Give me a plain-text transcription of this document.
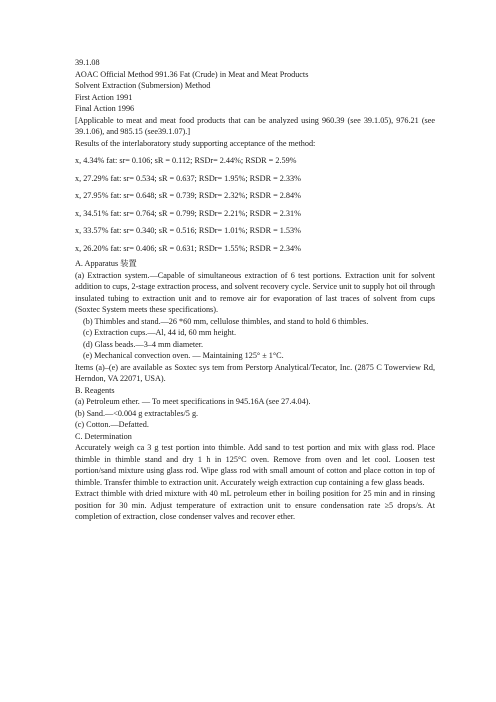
39.1.08
AOAC Official Method 991.36 Fat (Crude) in Meat and Meat Products
Solvent Extraction (Submersion) Method
First Action 1991
Final Action 1996
[Applicable to meat and meat food products that can be analyzed using 960.39 (see 39.1.05), 976.21 (see 39.1.06), and 985.15 (see39.1.07).]
Results of the interlaboratory study supporting acceptance of the method:
x, 4.34% fat: sr= 0.106; sR = 0.112; RSDr= 2.44%; RSDR = 2.59%
x, 27.29% fat: sr= 0.534; sR = 0.637; RSDr= 1.95%; RSDR = 2.33%
x, 27.95% fat: sr= 0.648; sR = 0.739; RSDr= 2.32%; RSDR = 2.84%
x, 34.51% fat: sr= 0.764; sR = 0.799; RSDr= 2.21%; RSDR = 2.31%
x, 33.57% fat: sr= 0.340; sR = 0.516; RSDr= 1.01%; RSDR = 1.53%
x, 26.20% fat: sr= 0.406; sR = 0.631; RSDr= 1.55%; RSDR = 2.34%
A. Apparatus 装置
(a) Extraction system.—Capable of simultaneous extraction of 6 test portions. Extraction unit for solvent addition to cups, 2-stage extraction process, and solvent recovery cycle. Service unit to supply hot oil through insulated tubing to extraction unit and to remove air for evaporation of last traces of solvent from cups (Soxtec System meets these specifications).
(b) Thimbles and stand.—26 *60 mm, cellulose thimbles, and stand to hold 6 thimbles.
(c) Extraction cups.—Al, 44 id, 60 mm height.
(d) Glass beads.—3–4 mm diameter.
(e) Mechanical convection oven. — Maintaining 125° ± 1°C.
Items (a)–(e) are available as Soxtec sys tem from Perstorp Analytical/Tecator, Inc. (2875 C Towerview Rd, Herndon, VA 22071, USA).
B. Reagents
(a) Petroleum ether. — To meet specifications in 945.16A (see 27.4.04).
(b) Sand.—<0.004 g extractables/5 g.
(c) Cotton.—Defatted.
C. Determination
Accurately weigh ca 3 g test portion into thimble. Add sand to test portion and mix with glass rod. Place thimble in thimble stand and dry 1 h in 125°C oven. Remove from oven and let cool. Loosen test portion/sand mixture using glass rod. Wipe glass rod with small amount of cotton and place cotton in top of thimble. Transfer thimble to extraction unit. Accurately weigh extraction cup containing a few glass beads.
Extract thimble with dried mixture with 40 mL petroleum ether in boiling position for 25 min and in rinsing position for 30 min. Adjust temperature of extraction unit to ensure condensation rate ≥5 drops/s. At completion of extraction, close condenser valves and recover ether.
